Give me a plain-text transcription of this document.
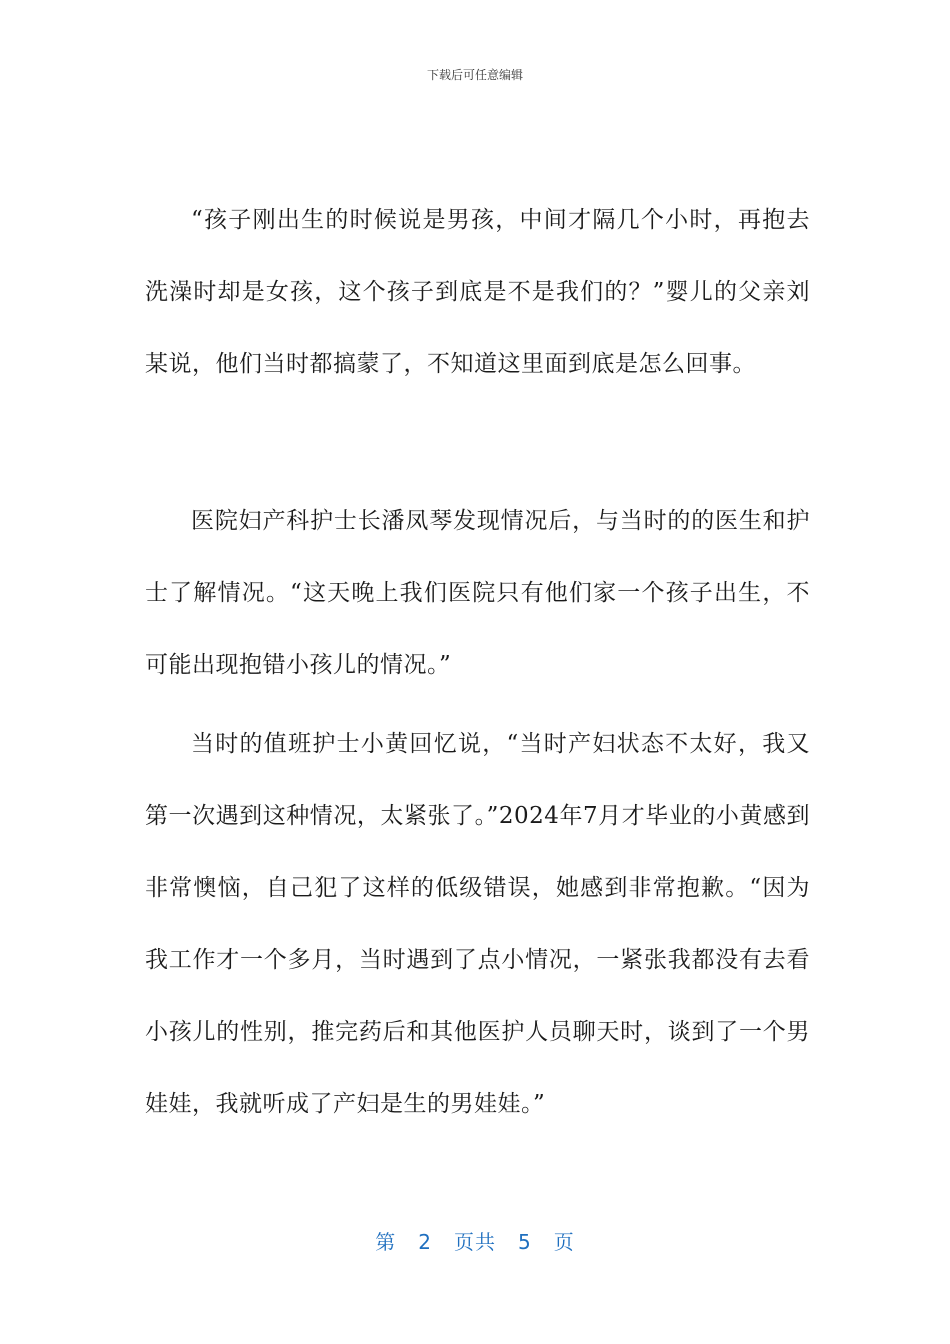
下载后可任意编辑

“孩子刚出生的时候说是男孩，中间才隔几个小时，再抱去洗澡时却是女孩，这个孩子到底是不是我们的？”婴儿的父亲刘某说，他们当时都搞蒙了，不知道这里面到底是怎么回事。

医院妇产科护士长潘凤琴发现情况后，与当时的的医生和护士了解情况。“这天晚上我们医院只有他们家一个孩子出生，不可能出现抱错小孩儿的情况。”

当时的值班护士小黄回忆说，“当时产妇状态不太好，我又第一次遇到这种情况，太紧张了。”2024年7月才毕业的小黄感到非常懊恼，自己犯了这样的低级错误，她感到非常抱歉。“因为我工作才一个多月，当时遇到了点小情况，一紧张我都没有去看小孩儿的性别，推完药后和其他医护人员聊天时，谈到了一个男娃娃，我就听成了产妇是生的男娃娃。”

第 2 页共 5 页
